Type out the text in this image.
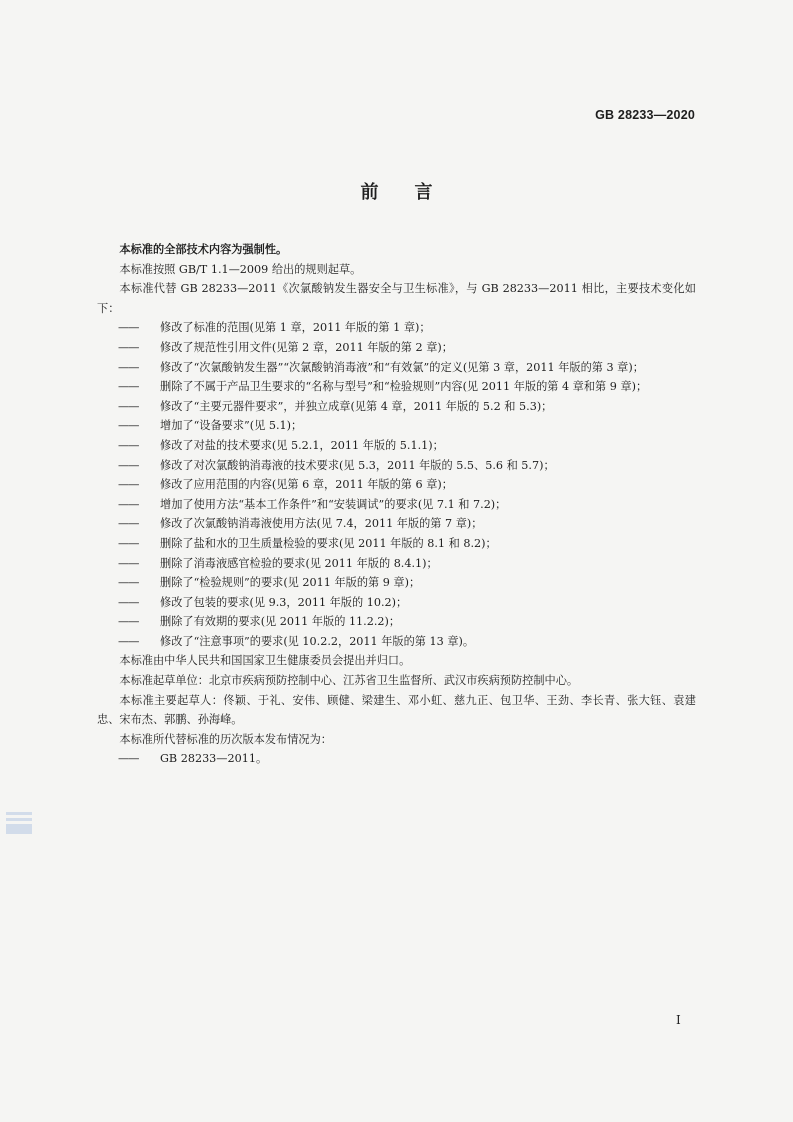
GB 28233—2020
前 言

本标准的全部技术内容为强制性。

本标准按照 GB/T 1.1—2009 给出的规则起草。

本标准代替 GB 28233—2011《次氯酸钠发生器安全与卫生标准》，与 GB 28233—2011 相比，主要技术变化如下：

—— 修改了标准的范围(见第 1 章，2011 年版的第 1 章)；

—— 修改了规范性引用文件(见第 2 章，2011 年版的第 2 章)；

—— 修改了“次氯酸钠发生器”“次氯酸钠消毒液”和“有效氯”的定义(见第 3 章，2011 年版的第 3 章)；

—— 删除了不属于产品卫生要求的“名称与型号”和“检验规则”内容(见 2011 年版的第 4 章和第 9 章)；

—— 修改了“主要元器件要求”，并独立成章(见第 4 章，2011 年版的 5.2 和 5.3)；

—— 增加了“设备要求”(见 5.1)；

—— 修改了对盐的技术要求(见 5.2.1，2011 年版的 5.1.1)；

—— 修改了对次氯酸钠消毒液的技术要求(见 5.3，2011 年版的 5.5、5.6 和 5.7)；

—— 修改了应用范围的内容(见第 6 章，2011 年版的第 6 章)；

—— 增加了使用方法“基本工作条件”和“安装调试”的要求(见 7.1 和 7.2)；

—— 修改了次氯酸钠消毒液使用方法(见 7.4，2011 年版的第 7 章)；

—— 删除了盐和水的卫生质量检验的要求(见 2011 年版的 8.1 和 8.2)；

—— 删除了消毒液感官检验的要求(见 2011 年版的 8.4.1)；

—— 删除了“检验规则”的要求(见 2011 年版的第 9 章)；

—— 修改了包装的要求(见 9.3，2011 年版的 10.2)；

—— 删除了有效期的要求(见 2011 年版的 11.2.2)；

—— 修改了“注意事项”的要求(见 10.2.2，2011 年版的第 13 章)。

本标准由中华人民共和国国家卫生健康委员会提出并归口。

本标准起草单位：北京市疾病预防控制中心、江苏省卫生监督所、武汉市疾病预防控制中心。

本标准主要起草人：佟颖、于礼、安伟、顾健、梁建生、邓小虹、慈九正、包卫华、王劲、李长青、张大钰、袁建忠、宋布杰、郭鹏、孙海峰。

本标准所代替标准的历次版本发布情况为：

—— GB 28233—2011。

I
